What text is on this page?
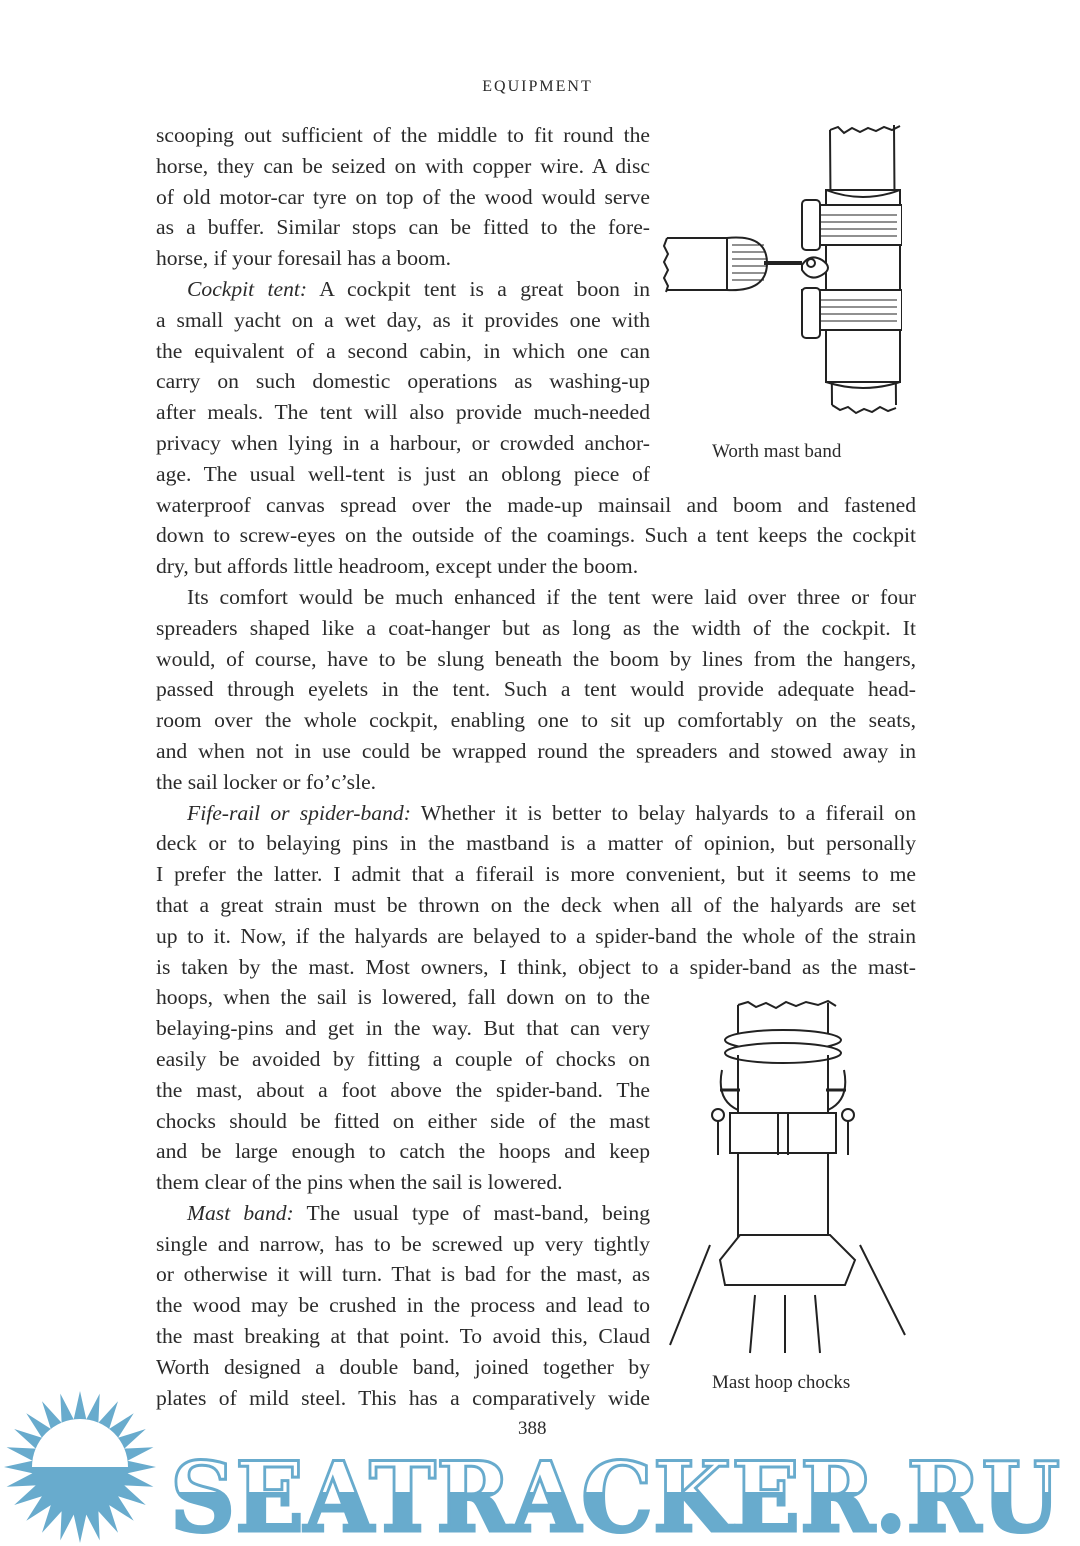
EQUIPMENT
scooping out sufficient of the middle to fit round the
horse, they can be seized on with copper wire. A disc
of old motor-car tyre on top of the wood would serve
as a buffer. Similar stops can be fitted to the fore-
horse, if your foresail has a boom.
Cockpit tent: A cockpit tent is a great boon in
a small yacht on a wet day, as it provides one with
the equivalent of a second cabin, in which one can
carry on such domestic operations as washing-up
after meals. The tent will also provide much-needed
privacy when lying in a harbour, or crowded anchor-
age. The usual well-tent is just an oblong piece of
waterproof canvas spread over the made-up mainsail and boom and fastened
down to screw-eyes on the outside of the coamings. Such a tent keeps the cockpit
dry, but affords little headroom, except under the boom.
Its comfort would be much enhanced if the tent were laid over three or four
spreaders shaped like a coat-hanger but as long as the width of the cockpit. It
would, of course, have to be slung beneath the boom by lines from the hangers,
passed through eyelets in the tent. Such a tent would provide adequate head-
room over the whole cockpit, enabling one to sit up comfortably on the seats,
and when not in use could be wrapped round the spreaders and stowed away in
the sail locker or fo’c’sle.
Fife-rail or spider-band: Whether it is better to belay halyards to a fiferail on
deck or to belaying pins in the mastband is a matter of opinion, but personally
I prefer the latter. I admit that a fiferail is more convenient, but it seems to me
that a great strain must be thrown on the deck when all of the halyards are set
up to it. Now, if the halyards are belayed to a spider-band the whole of the strain
is taken by the mast. Most owners, I think, object to a spider-band as the mast-
hoops, when the sail is lowered, fall down on to the
belaying-pins and get in the way. But that can very
easily be avoided by fitting a couple of chocks on
the mast, about a foot above the spider-band. The
chocks should be fitted on either side of the mast
and be large enough to catch the hoops and keep
them clear of the pins when the sail is lowered.
Mast band: The usual type of mast-band, being
single and narrow, has to be screwed up very tightly
or otherwise it will turn. That is bad for the mast, as
the wood may be crushed in the process and lead to
the mast breaking at that point. To avoid this, Claud
Worth designed a double band, joined together by
plates of mild steel. This has a comparatively wide
Worth mast band
Mast hoop chocks
388
SEATRACKER.RU
